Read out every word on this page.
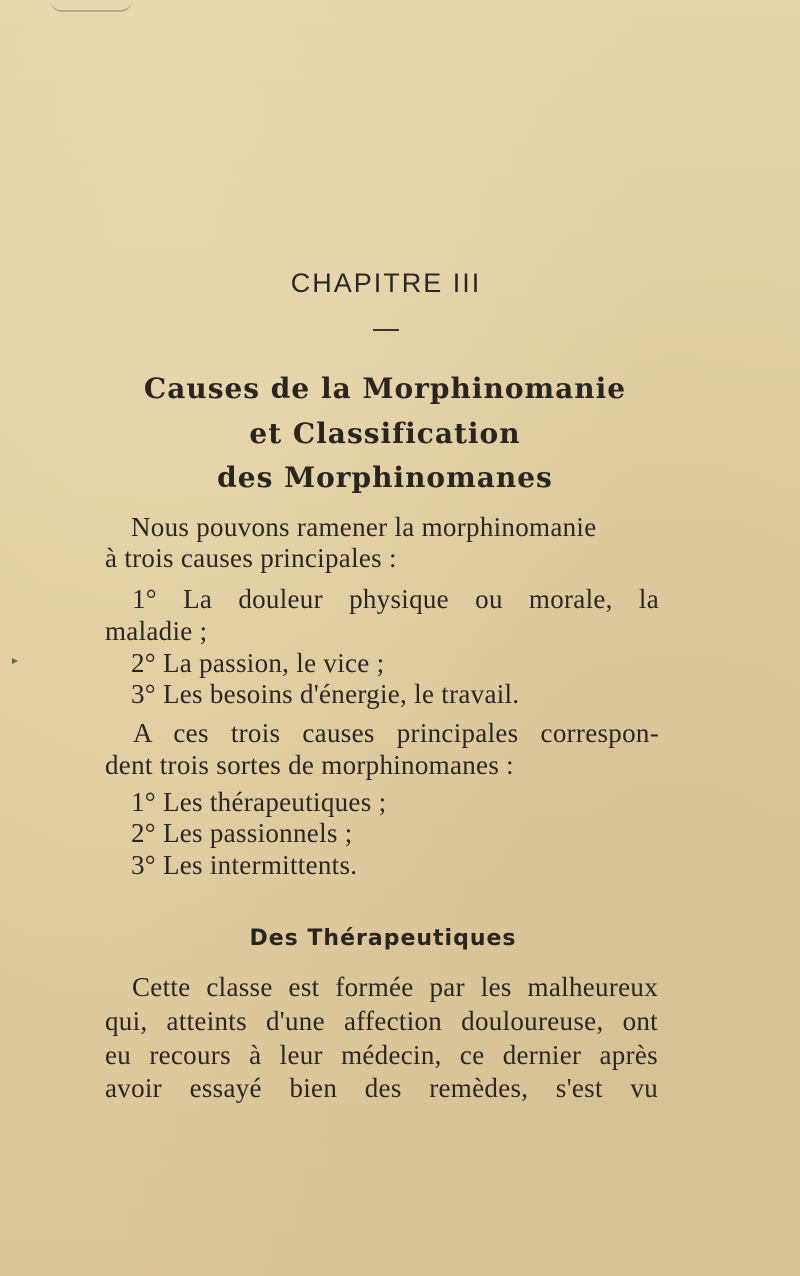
CHAPITRE III
Causes de la Morphinomanie
et Classification
des Morphinomanes
Nous pouvons ramener la morphinomanie
à trois causes principales :
1° La douleur physique ou morale, la
maladie ;
2° La passion, le vice ;
3° Les besoins d'énergie, le travail.
A ces trois causes principales correspon-
dent trois sortes de morphinomanes :
1° Les thérapeutiques ;
2° Les passionnels ;
3° Les intermittents.
Des Thérapeutiques
Cette classe est formée par les malheureux
qui, atteints d'une affection douloureuse, ont
eu recours à leur médecin, ce dernier après
avoir essayé bien des remèdes, s'est vu
